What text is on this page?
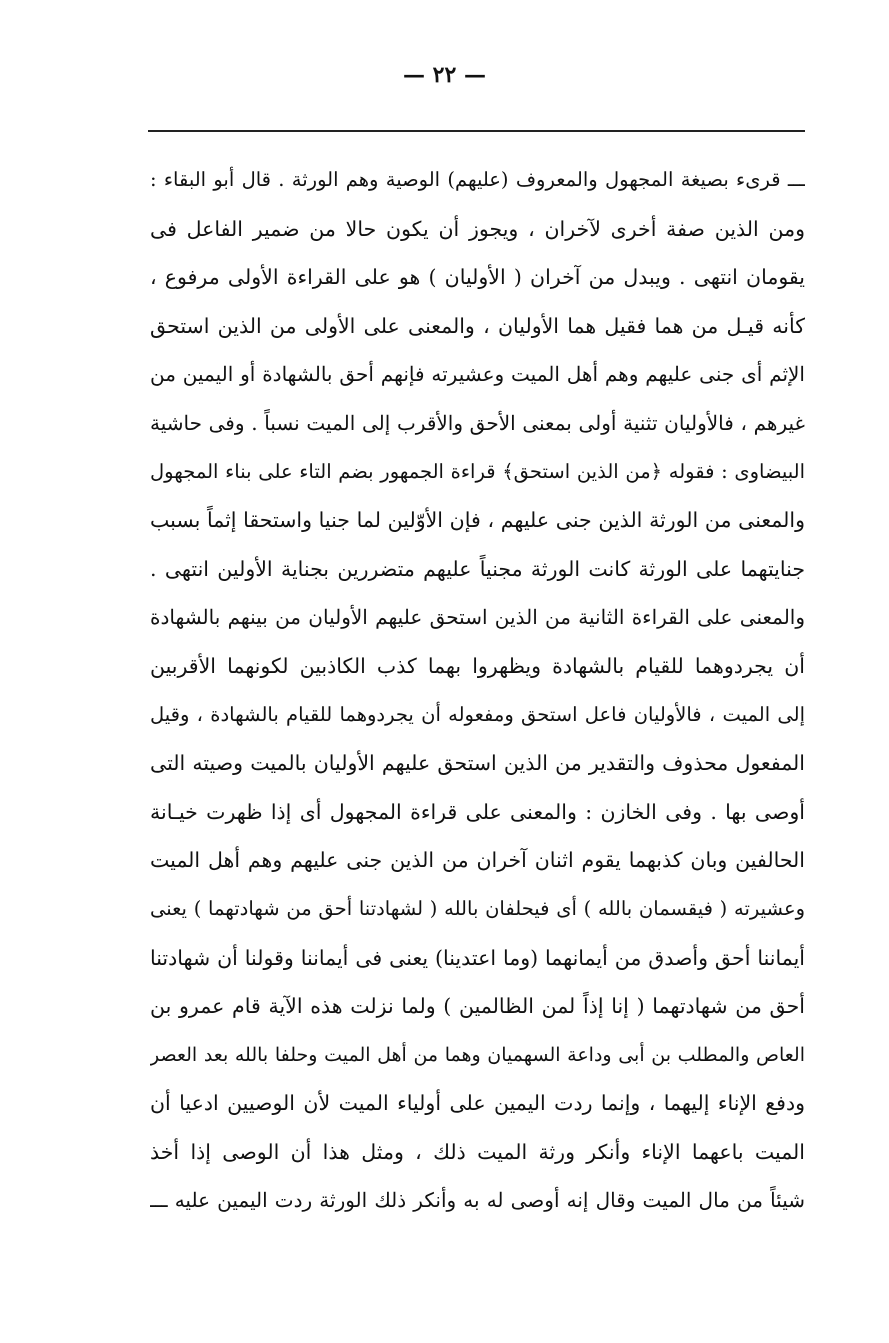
— ٢٢ —
ـــ قرىء بصيغة المجهول والمعروف (عليهم) الوصية وهم الورثة . قال أبو البقاء :
ومن الذين صفة أخرى لآخران ، ويجوز أن يكون حالا من ضمير الفاعل فى
يقومان انتهى . ويبدل من آخران ( الأوليان ) هو على القراءة الأولى مرفوع ،
كأنه قيـل من هما فقيل هما الأوليان ، والمعنى على الأولى من الذين استحق
الإثم أى جنى عليهم وهم أهل الميت وعشيرته فإنهم أحق بالشهادة أو اليمين من
غيرهم ، فالأوليان تثنية أولى بمعنى الأحق والأقرب إلى الميت نسباً . وفى حاشية
البيضاوى : فقوله ﴿من الذين استحق﴾ قراءة الجمهور بضم التاء على بناء المجهول
والمعنى من الورثة الذين جنى عليهم ، فإن الأوّلين لما جنيا واستحقا إثماً بسبب
جنايتهما على الورثة كانت الورثة مجنياً عليهم متضررين بجناية الأولين انتهى .
والمعنى على القراءة الثانية من الذين استحق عليهم الأوليان من بينهم بالشهادة
أن يجردوهما للقيام بالشهادة ويظهروا بهما كذب الكاذبين لكونهما الأقربين
إلى الميت ، فالأوليان فاعل استحق ومفعوله أن يجردوهما للقيام بالشهادة ، وقيل
المفعول محذوف والتقدير من الذين استحق عليهم الأوليان بالميت وصيته التى
أوصى بها . وفى الخازن : والمعنى على قراءة المجهول أى إذا ظهرت خيـانة
الحالفين وبان كذبهما يقوم اثنان آخران من الذين جنى عليهم وهم أهل الميت
وعشيرته ( فيقسمان بالله ) أى فيحلفان بالله ( لشهادتنا أحق من شهادتهما ) يعنى
أيماننا أحق وأصدق من أيمانهما (وما اعتدينا) يعنى فى أيماننا وقولنا أن شهادتنا
أحق من شهادتهما ( إنا إذاً لمن الظالمين ) ولما نزلت هذه الآية قام عمرو بن
العاص والمطلب بن أبى وداعة السهميان وهما من أهل الميت وحلفا بالله بعد العصر
ودفع الإناء إليهما ، وإنما ردت اليمين على أولياء الميت لأن الوصيين ادعيا أن
الميت باعهما الإناء وأنكر ورثة الميت ذلك ، ومثل هذا أن الوصى إذا أخذ
شيئاً من مال الميت وقال إنه أوصى له به وأنكر ذلك الورثة ردت اليمين عليه ـــ
